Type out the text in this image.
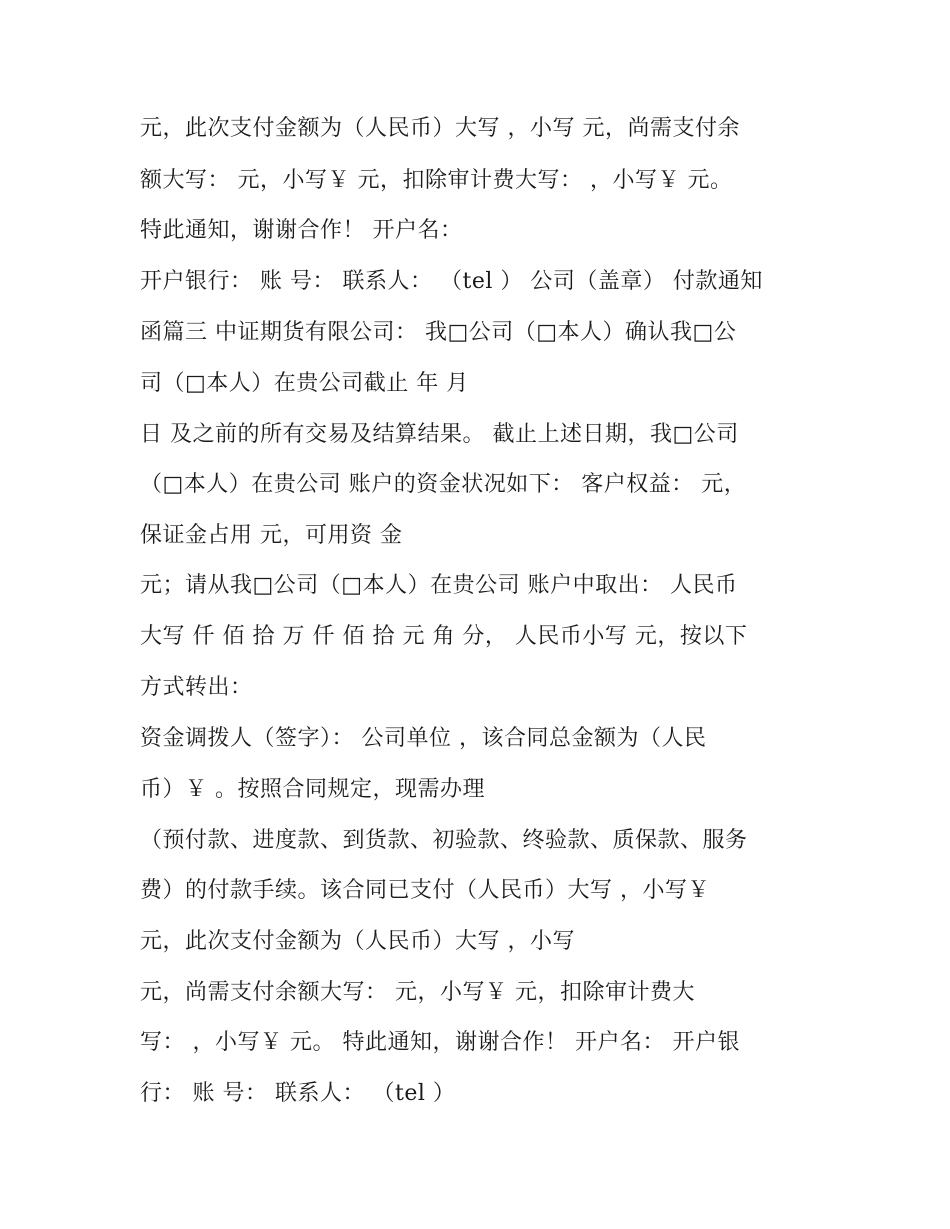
元，此次支付金额为（人民币）大写 ，小写 元，尚需支付余
额大写： 元，小写￥ 元，扣除审计费大写： ，小写￥ 元。
特此通知，谢谢合作！ 开户名：
开户银行： 账 号： 联系人： （tel ） 公司（盖章） 付款通知
函篇三 中证期货有限公司： 我□公司（□本人）确认我□公
司（□本人）在贵公司截止 年 月
日 及之前的所有交易及结算结果。 截止上述日期，我□公司
（□本人）在贵公司 账户的资金状况如下： 客户权益： 元，
保证金占用 元，可用资 金
元；请从我□公司（□本人）在贵公司 账户中取出： 人民币
大写 仟 佰 拾 万 仟 佰 拾 元 角 分， 人民币小写 元，按以下
方式转出：
资金调拨人（签字）： 公司单位 ，该合同总金额为（人民
币）￥ 。按照合同规定，现需办理
（预付款、进度款、到货款、初验款、终验款、质保款、服务
费）的付款手续。该合同已支付（人民币）大写 ，小写￥
元，此次支付金额为（人民币）大写 ，小写
元，尚需支付余额大写： 元，小写￥ 元，扣除审计费大
写： ，小写￥ 元。 特此通知，谢谢合作！ 开户名： 开户银
行： 账 号： 联系人： （tel ）
